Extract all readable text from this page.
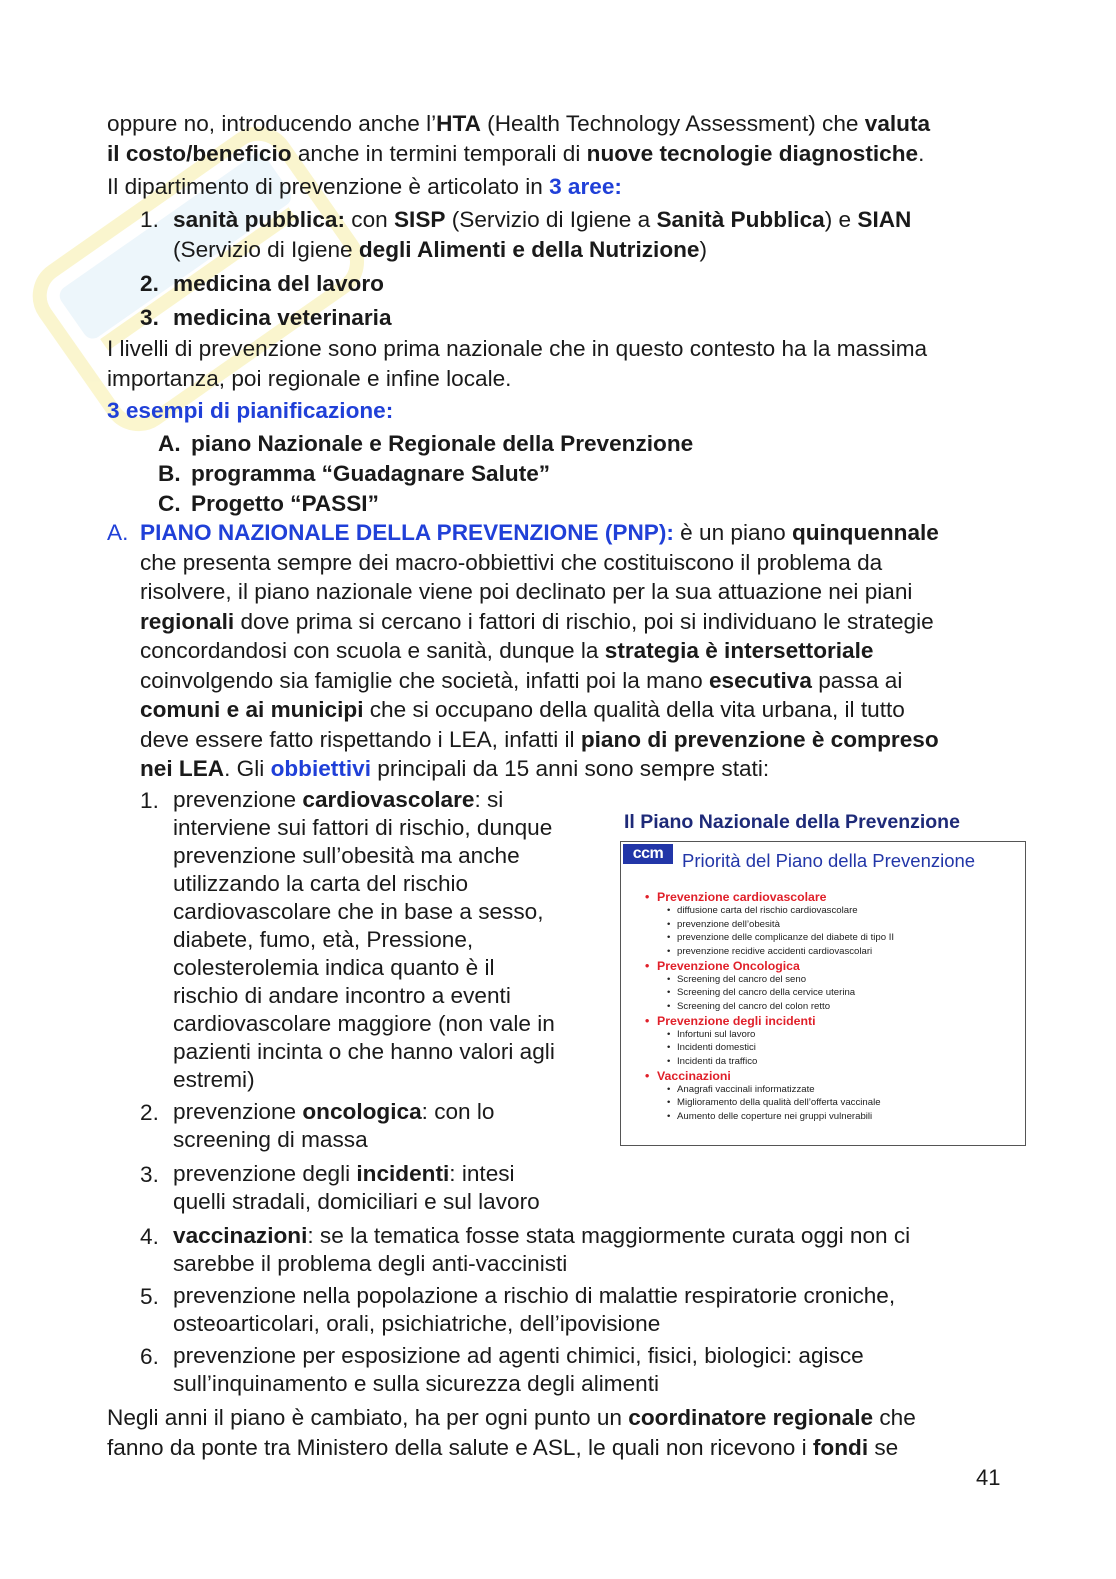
oppure no, introducendo anche l’HTA (Health Technology Assessment) che valuta
il costo/beneficio anche in termini temporali di nuove tecnologie diagnostiche.

Il dipartimento di prevenzione è articolato in 3 aree:

1. sanità pubblica: con SISP (Servizio di Igiene a Sanità Pubblica) e SIAN
(Servizio di Igiene degli Alimenti e della Nutrizione)
2. medicina del lavoro
3. medicina veterinaria

I livelli di prevenzione sono prima nazionale che in questo contesto ha la massima
importanza, poi regionale e infine locale.

3 esempi di pianificazione:

A. piano Nazionale e Regionale della Prevenzione
B. programma “Guadagnare Salute”
C. Progetto “PASSI”
A. PIANO NAZIONALE DELLA PREVENZIONE (PNP): è un piano quinquennale
che presenta sempre dei macro-obbiettivi che costituiscono il problema da
risolvere, il piano nazionale viene poi declinato per la sua attuazione nei piani
regionali dove prima si cercano i fattori di rischio, poi si individuano le strategie
concordandosi con scuola e sanità, dunque la strategia è intersettoriale
coinvolgendo sia famiglie che società, infatti poi la mano esecutiva passa ai
comuni e ai municipi che si occupano della qualità della vita urbana, il tutto
deve essere fatto rispettando i LEA, infatti il piano di prevenzione è compreso
nei LEA. Gli obbiettivi principali da 15 anni sono sempre stati:
1. prevenzione cardiovascolare: si
interviene sui fattori di rischio, dunque
prevenzione sull’obesità ma anche
utilizzando la carta del rischio
cardiovascolare che in base a sesso,
diabete, fumo, età, Pressione,
colesterolemia indica quanto è il
rischio di andare incontro a eventi
cardiovascolare maggiore (non vale in
pazienti incinta o che hanno valori agli
estremi)
2. prevenzione oncologica: con lo
screening di massa
3. prevenzione degli incidenti: intesi
quelli stradali, domiciliari e sul lavoro
4. vaccinazioni: se la tematica fosse stata maggiormente curata oggi non ci
sarebbe il problema degli anti-vaccinisti
5. prevenzione nella popolazione a rischio di malattie respiratorie croniche,
osteoarticolari, orali, psichiatriche, dell’ipovisione
6. prevenzione per esposizione ad agenti chimici, fisici, biologici: agisce
sull’inquinamento e sulla sicurezza degli alimenti

Negli anni il piano è cambiato, ha per ogni punto un coordinatore regionale che
fanno da ponte tra Ministero della salute e ASL, le quali non ricevono i fondi se

Il Piano Nazionale della Prevenzione
ccm	Priorità del Piano della Prevenzione
• Prevenzione cardiovascolare
• diffusione carta del rischio cardiovascolare
• prevenzione dell’obesità
• prevenzione delle complicanze del diabete di tipo II
• prevenzione recidive accidenti cardiovascolari
• Prevenzione Oncologica
• Screening del cancro del seno
• Screening del cancro della cervice uterina
• Screening del cancro del colon retto
• Prevenzione degli incidenti
• Infortuni sul lavoro
• Incidenti domestici
• Incidenti da traffico
• Vaccinazioni
• Anagrafi vaccinali informatizzate
• Miglioramento della qualità dell’offerta vaccinale
• Aumento delle coperture nei gruppi vulnerabili
41
